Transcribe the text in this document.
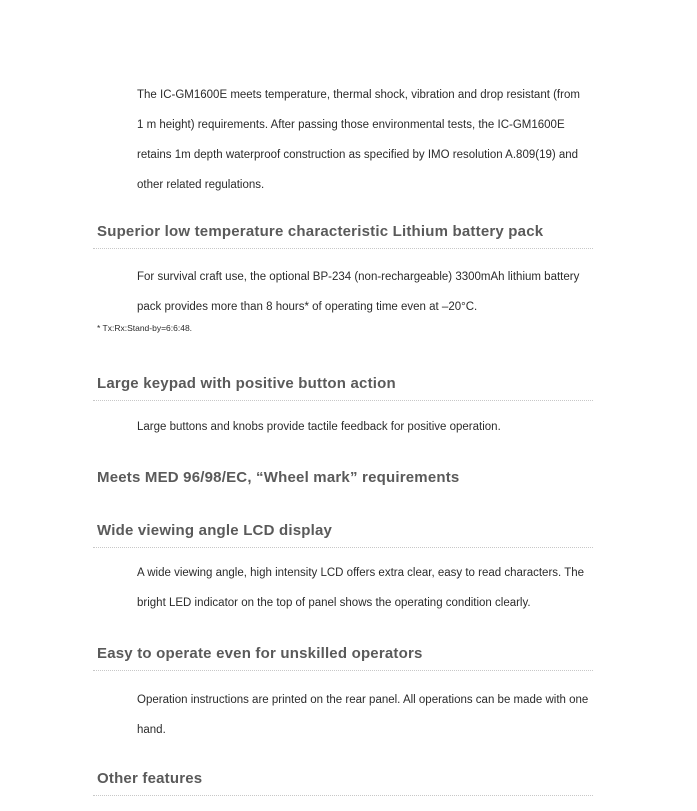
The IC-GM1600E meets temperature, thermal shock, vibration and drop resistant (from
1 m height) requirements. After passing those environmental tests, the IC-GM1600E
retains 1m depth waterproof construction as specified by IMO resolution A.809(19) and
other related regulations.
Superior low temperature characteristic Lithium battery pack
For survival craft use, the optional BP-234 (non-rechargeable) 3300mAh lithium battery
pack provides more than 8 hours* of operating time even at –20°C.
* Tx:Rx:Stand-by=6:6:48.
Large keypad with positive button action
Large buttons and knobs provide tactile feedback for positive operation.
Meets MED 96/98/EC, “Wheel mark” requirements
Wide viewing angle LCD display
A wide viewing angle, high intensity LCD offers extra clear, easy to read characters. The
bright LED indicator on the top of panel shows the operating condition clearly.
Easy to operate even for unskilled operators
Operation instructions are printed on the rear panel. All operations can be made with one
hand.
Other features
